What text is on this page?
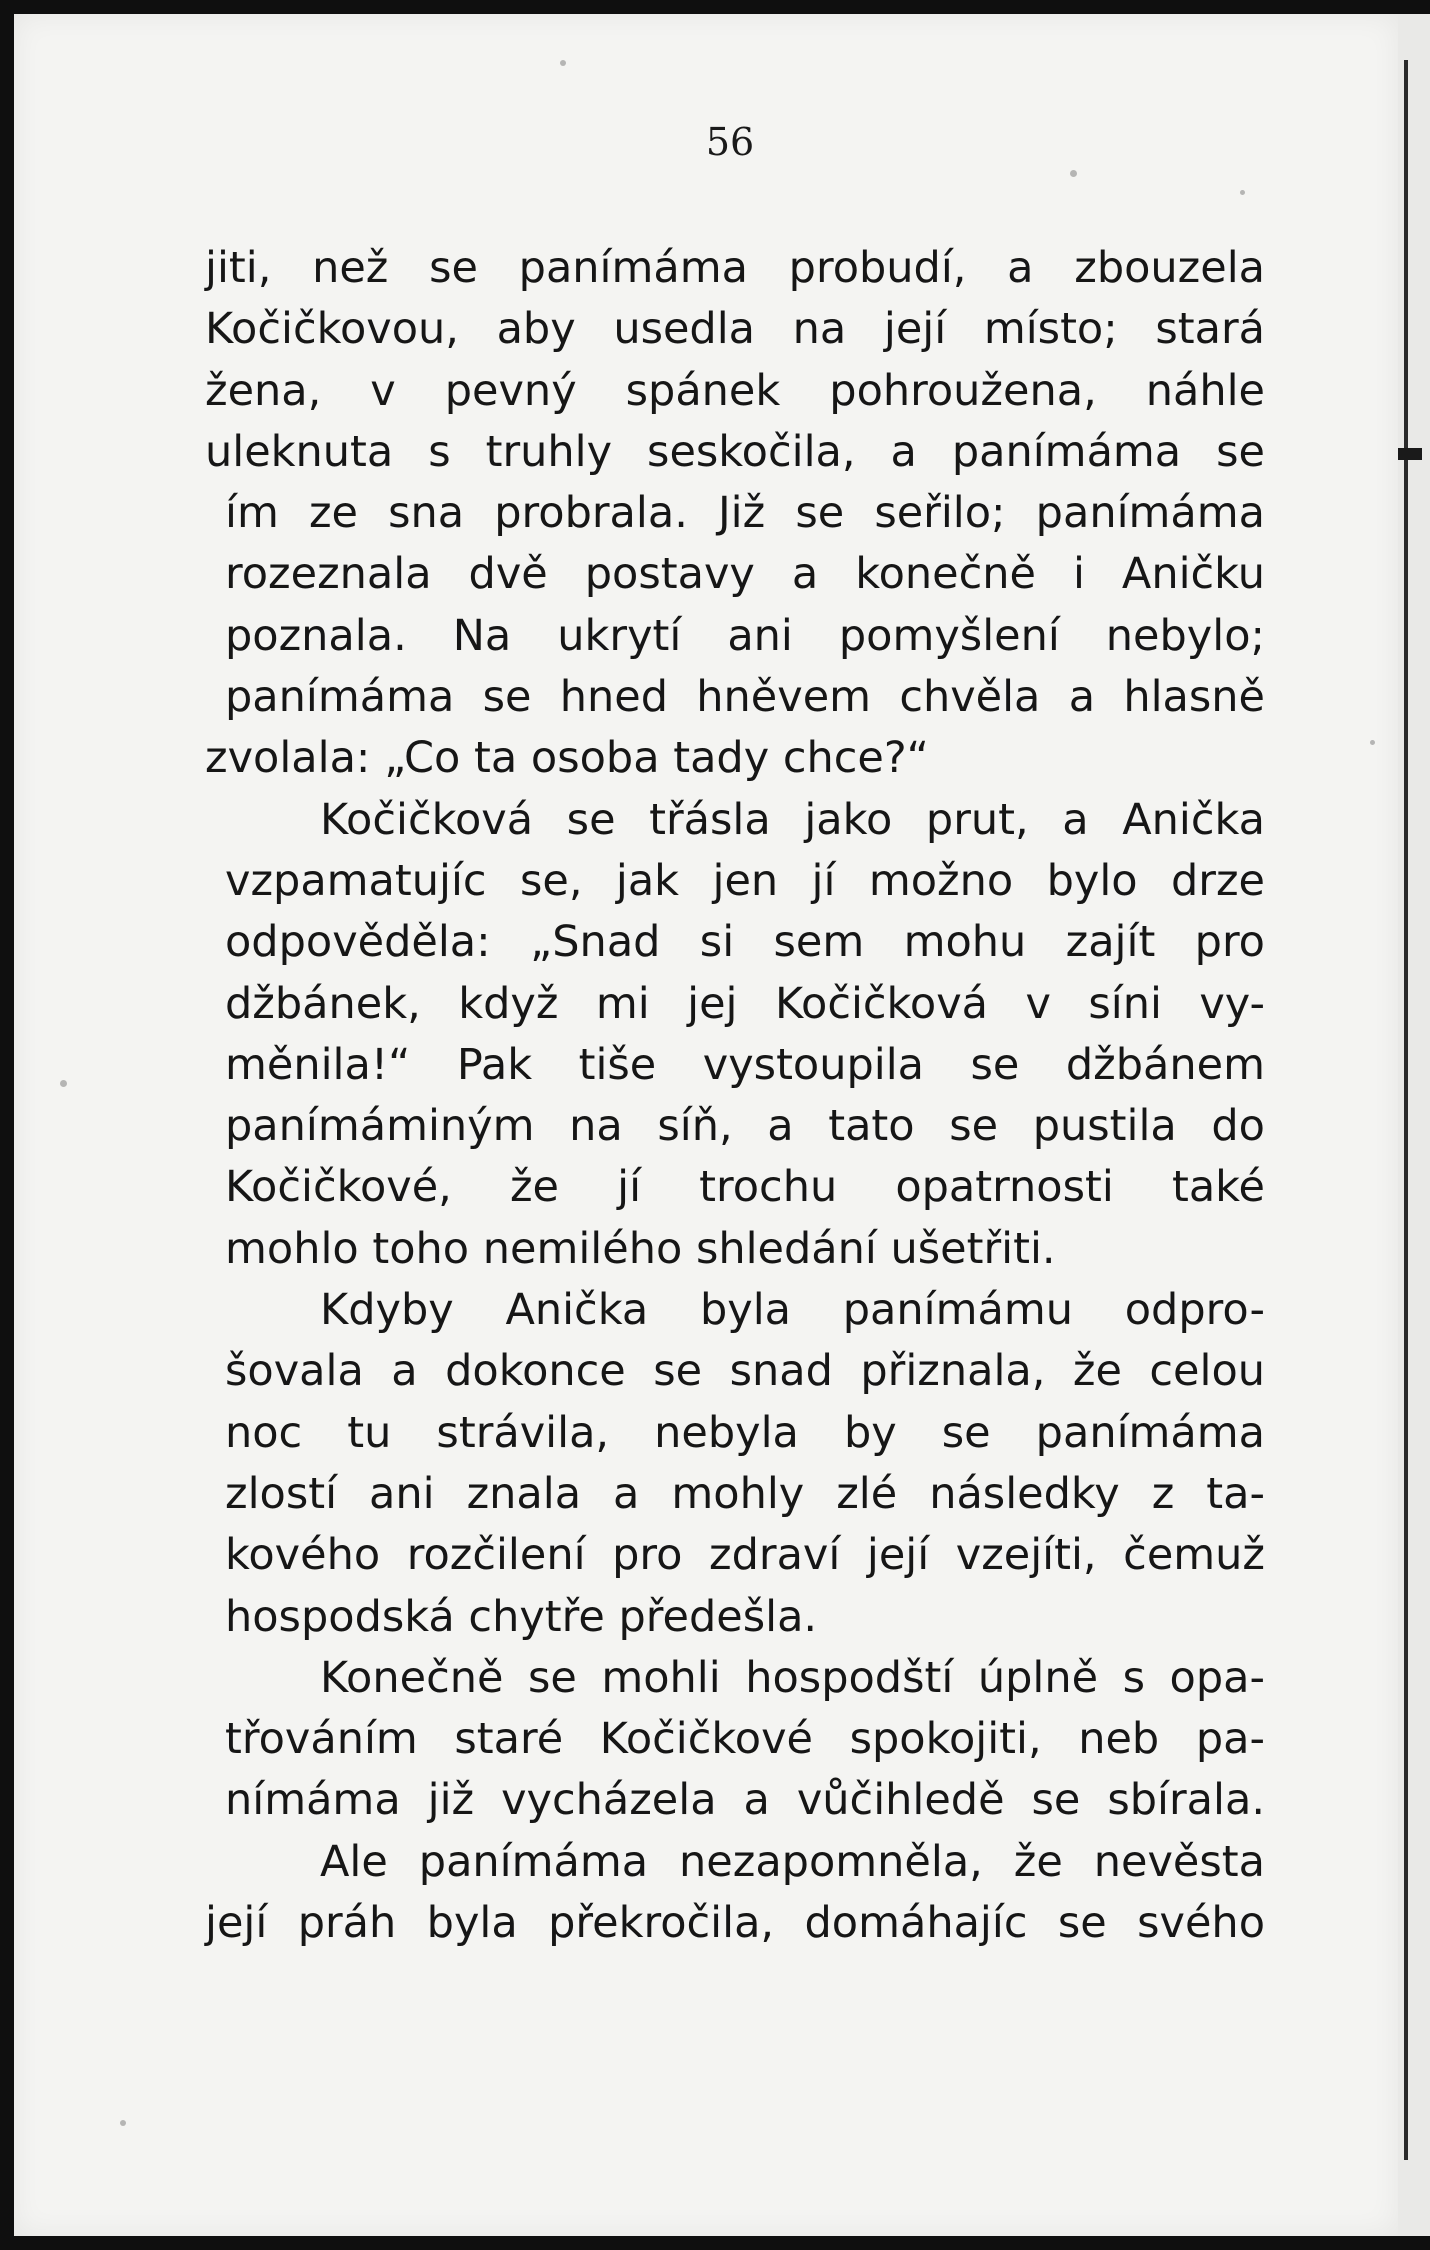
56
jiti, než se panímáma probudí, a zbouzela
Kočičkovou, aby usedla na její místo; stará
žena, v pevný spánek pohroužena, náhle
uleknuta s truhly seskočila, a panímáma se
ím ze sna probrala. Již se seřilo; panímáma
rozeznala dvě postavy a konečně i Aničku
poznala. Na ukrytí ani pomyšlení nebylo;
panímáma se hned hněvem chvěla a hlasně
zvolala: „Co ta osoba tady chce?“
Kočičková se třásla jako prut, a Anička
vzpamatujíc se, jak jen jí možno bylo drze
odpověděla: „Snad si sem mohu zajít pro
džbánek, když mi jej Kočičková v síni vy-
měnila!“ Pak tiše vystoupila se džbánem
panímáminým na síň, a tato se pustila do
Kočičkové, že jí trochu opatrnosti také
mohlo toho nemilého shledání ušetřiti.
Kdyby Anička byla panímámu odpro-
šovala a dokonce se snad přiznala, že celou
noc tu strávila, nebyla by se panímáma
zlostí ani znala a mohly zlé následky z ta-
kového rozčilení pro zdraví její vzejíti, čemuž
hospodská chytře předešla.
Konečně se mohli hospodští úplně s opa-
třováním staré Kočičkové spokojiti, neb pa-
nímáma již vycházela a vůčihledě se sbírala.
Ale panímáma nezapomněla, že nevěsta
její práh byla překročila, domáhajíc se svého
